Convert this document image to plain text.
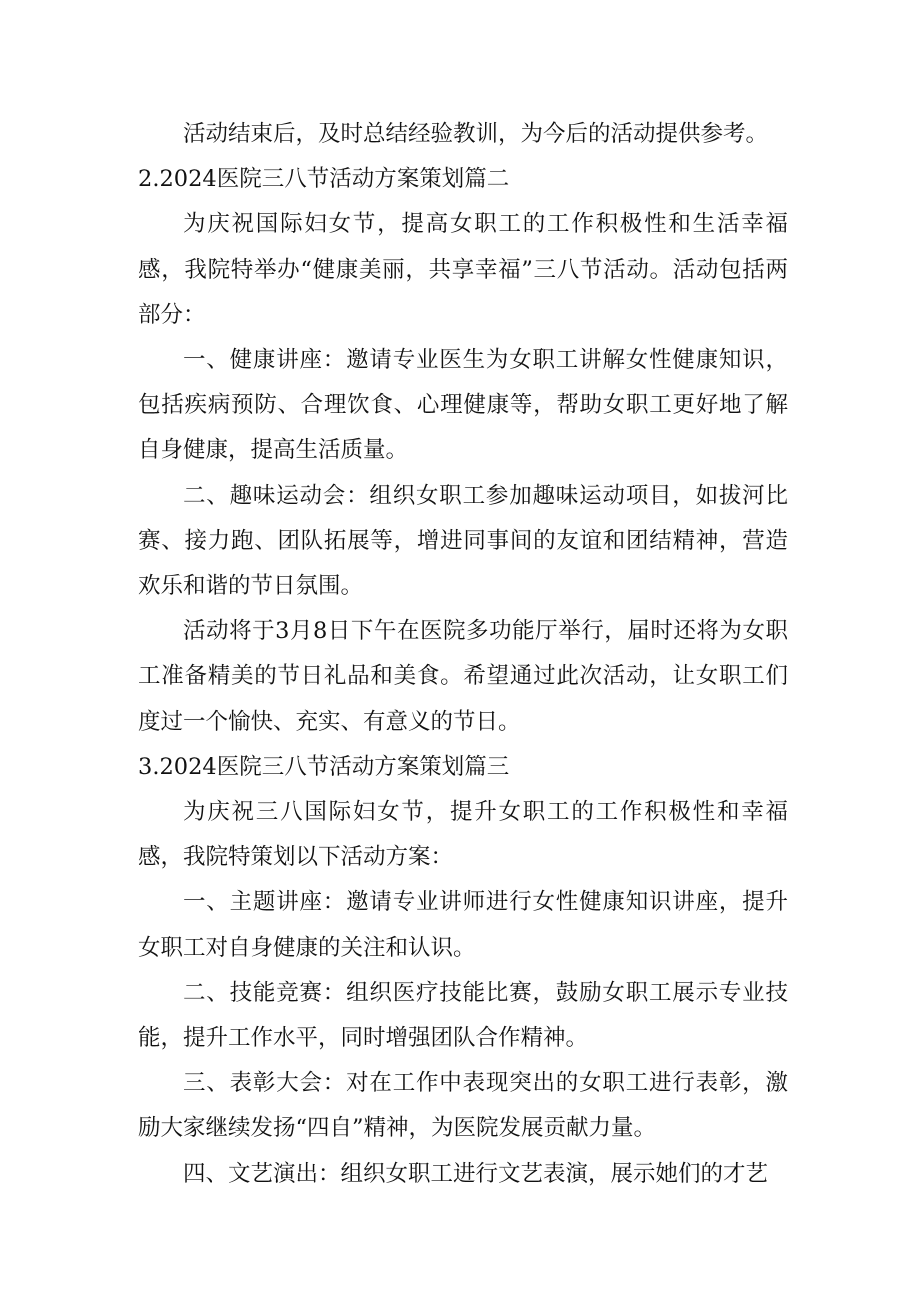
活动结束后，及时总结经验教训，为今后的活动提供参考。

2.2024医院三八节活动方案策划篇二

为庆祝国际妇女节，提高女职工的工作积极性和生活幸福感，我院特举办“健康美丽，共享幸福”三八节活动。活动包括两部分：

一、健康讲座：邀请专业医生为女职工讲解女性健康知识，包括疾病预防、合理饮食、心理健康等，帮助女职工更好地了解自身健康，提高生活质量。

二、趣味运动会：组织女职工参加趣味运动项目，如拔河比赛、接力跑、团队拓展等，增进同事间的友谊和团结精神，营造欢乐和谐的节日氛围。

活动将于3月8日下午在医院多功能厅举行，届时还将为女职工准备精美的节日礼品和美食。希望通过此次活动，让女职工们度过一个愉快、充实、有意义的节日。

3.2024医院三八节活动方案策划篇三

为庆祝三八国际妇女节，提升女职工的工作积极性和幸福感，我院特策划以下活动方案：

一、主题讲座：邀请专业讲师进行女性健康知识讲座，提升女职工对自身健康的关注和认识。

二、技能竞赛：组织医疗技能比赛，鼓励女职工展示专业技能，提升工作水平，同时增强团队合作精神。

三、表彰大会：对在工作中表现突出的女职工进行表彰，激励大家继续发扬“四自”精神，为医院发展贡献力量。

四、文艺演出：组织女职工进行文艺表演，展示她们的才艺
